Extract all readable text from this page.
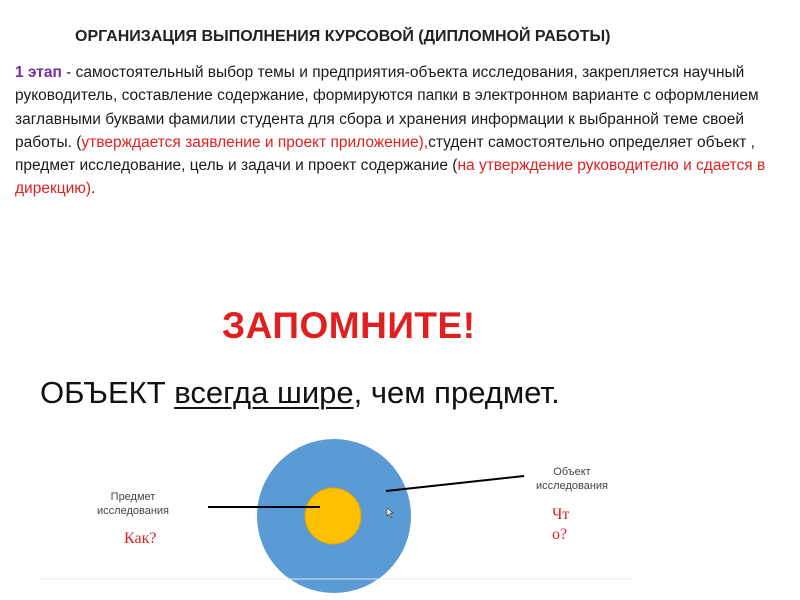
ОРГАНИЗАЦИЯ ВЫПОЛНЕНИЯ КУРСОВОЙ (ДИПЛОМНОЙ РАБОТЫ)
1 этап - самостоятельный выбор темы и предприятия-объекта исследования, закрепляется научный руководитель, составление содержание, формируются папки в электронном варианте с оформлением заглавными буквами фамилии студента для сбора и хранения информации к выбранной теме своей работы. (утверждается заявление и проект приложение),студент самостоятельно определяет объект , предмет исследование, цель и задачи и проект содержание (на утверждение руководителю и сдается в дирекцию).
ЗАПОМНИТЕ!
ОБЪЕКТ всегда шире, чем предмет.
Предмет исследования
Объект исследования
Как?
Что?
